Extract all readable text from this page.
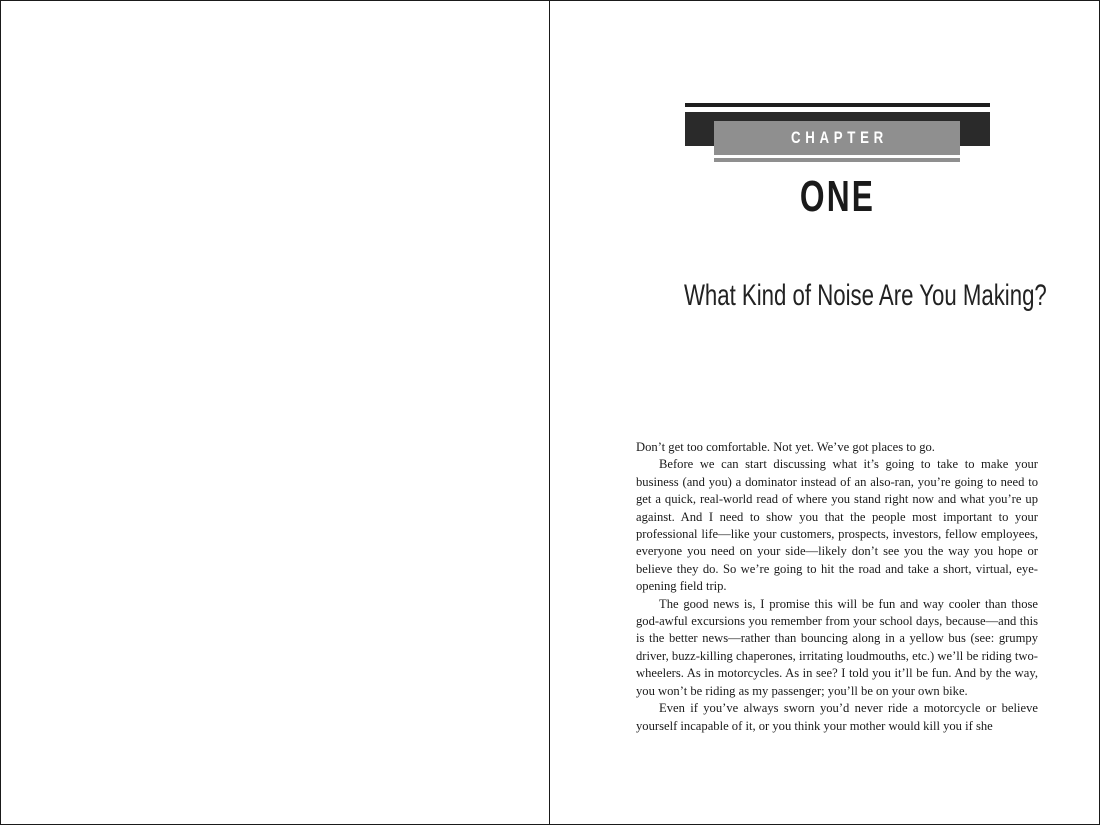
CHAPTER
ONE
What Kind of Noise Are You Making?

Don’t get too comfortable. Not yet. We’ve got places to go.

Before we can start discussing what it’s going to take to make your business (and you) a dominator instead of an also-ran, you’re going to need to get a quick, real-world read of where you stand right now and what you’re up against. And I need to show you that the people most important to your professional life—like your customers, prospects, investors, fellow employees, everyone you need on your side—likely don’t see you the way you hope or believe they do. So we’re going to hit the road and take a short, virtual, eye-opening field trip.

The good news is, I promise this will be fun and way cooler than those god-awful excursions you remember from your school days, because—and this is the better news—rather than bouncing along in a yellow bus (see: grumpy driver, buzz-killing chaperones, irritating loudmouths, etc.) we’ll be riding two-wheelers. As in motorcycles. As in see? I told you it’ll be fun. And by the way, you won’t be riding as my passenger; you’ll be on your own bike.

Even if you’ve always sworn you’d never ride a motorcycle or believe yourself incapable of it, or you think your mother would kill you if she
